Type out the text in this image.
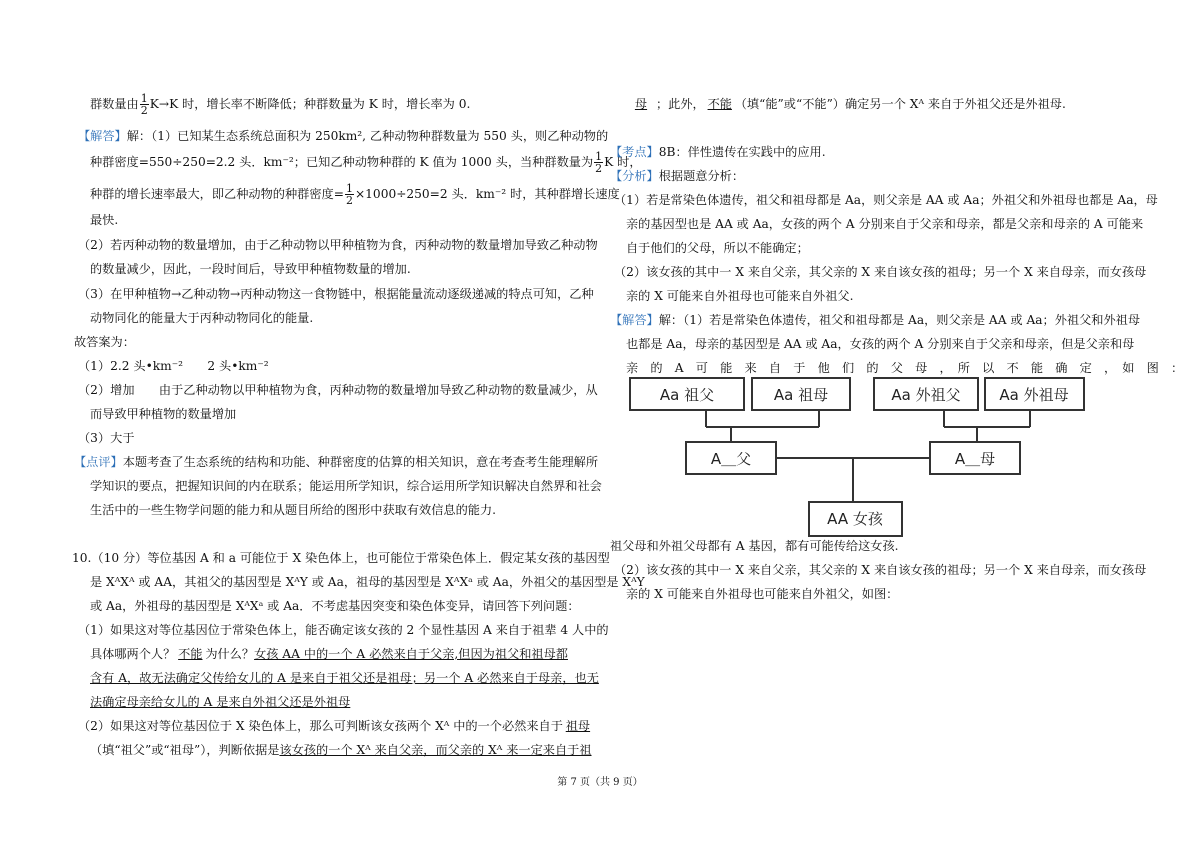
群数量由 $\frac{1}{2} K\to K$ 时，增长率不断降低；种群数量为 K 时，增长率为 0.
【解答】解：（1）已知某生态系统总面积为 250km², 乙种动物种群数量为 550 头，则乙种动物的
种群密度=550÷250=2.2 头．km⁻²；已知乙种动物种群的 K 值为 1000 头，当种群数量为 $\frac{1}{2}$ K 时，
种群的增长速率最大，即乙种动物的种群密度= $\frac{1}{2} \times 1000\div 250=2$ 头．km⁻² 时，其种群增长速度
最快.
（2）若丙种动物的数量增加，由于乙种动物以甲种植物为食，丙种动物的数量增加导致乙种动物
的数量减少，因此，一段时间后，导致甲种植物数量的增加.
（3）在甲种植物→乙种动物→丙种动物这一食物链中，根据能量流动逐级递减的特点可知，乙种
动物同化的能量大于丙种动物同化的能量.
故答案为：
（1）2.2 头•km⁻²　　2 头•km⁻²
（2）增加　　由于乙种动物以甲种植物为食，丙种动物的数量增加导致乙种动物的数量减少，从
而导致甲种植物的数量增加
（3）大于
【点评】本题考查了生态系统的结构和功能、种群密度的估算的相关知识，意在考查考生能理解所
学知识的要点，把握知识间的内在联系；能运用所学知识，综合运用所学知识解决自然界和社会
生活中的一些生物学问题的能力和从题目所给的图形中获取有效信息的能力.
10.（10 分）等位基因 A 和 a 可能位于 X 染色体上，也可能位于常染色体上．假定某女孩的基因型
是 XᴬXᴬ 或 AA，其祖父的基因型是 XᴬY 或 Aa，祖母的基因型是 XᴬXᵃ 或 Aa，外祖父的基因型是 XᴬY
或 Aa，外祖母的基因型是 XᴬXᵃ 或 Aa．不考虑基因突变和染色体变异，请回答下列问题：
（1）如果这对等位基因位于常染色体上，能否确定该女孩的 2 个显性基因 A 来自于祖辈 4 人中的
具体哪两个人？ 不能 为什么？女孩 AA 中的一个 A 必然来自于父亲,但因为祖父和祖母都
含有 A，故无法确定父传给女儿的 A 是来自于祖父还是祖母；另一个 A 必然来自于母亲，也无
法确定母亲给女儿的 A 是来自外祖父还是外祖母
（2）如果这对等位基因位于 X 染色体上，那么可判断该女孩两个 Xᴬ 中的一个必然来自于 祖母
（填“祖父”或“祖母”），判断依据是该女孩的一个 Xᴬ 来自父亲，而父亲的 Xᴬ 来一定来自于祖
母 ；此外， 不能 （填“能”或“不能”）确定另一个 Xᴬ 来自于外祖父还是外祖母.
【考点】8B：伴性遗传在实践中的应用.
【分析】根据题意分析：
（1）若是常染色体遗传，祖父和祖母都是 Aa，则父亲是 AA 或 Aa；外祖父和外祖母也都是 Aa，母
亲的基因型也是 AA 或 Aa，女孩的两个 A 分别来自于父亲和母亲，都是父亲和母亲的 A 可能来
自于他们的父母，所以不能确定；
（2）该女孩的其中一 X 来自父亲，其父亲的 X 来自该女孩的祖母；另一个 X 来自母亲，而女孩母
亲的 X 可能来自外祖母也可能来自外祖父.
【解答】解：（1）若是常染色体遗传，祖父和祖母都是 Aa，则父亲是 AA 或 Aa；外祖父和外祖母
也都是 Aa，母亲的基因型是 AA 或 Aa，女孩的两个 A 分别来自于父亲和母亲，但是父亲和母
亲　的　A　可　能　来　自　于　他　们　的　父　母　，　所　以　不　能　确　定　，　如　图　：
祖父母和外祖父母都有 A 基因，都有可能传给这女孩.
（2）该女孩的其中一 X 来自父亲，其父亲的 X 来自该女孩的祖母；另一个 X 来自母亲，而女孩母
亲的 X 可能来自外祖母也可能来自外祖父，如图：
Aa 祖父	Aa 祖母	Aa 外祖父	Aa 外祖母
A＿父	A＿母
AA 女孩
第 7 页（共 9 页）
